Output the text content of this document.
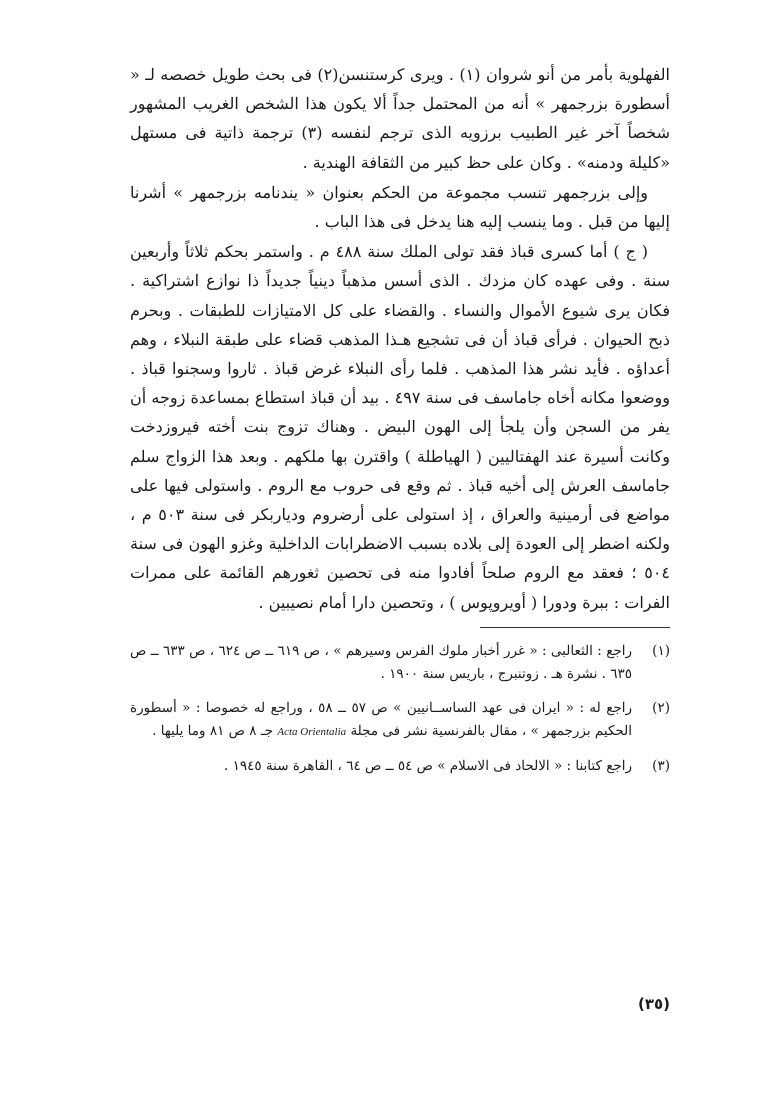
الفهلوية بأمر من أنو شروان (١) . ويرى كرستنسن(٢) فى بحث طويل خصصه لـ « أسطورة بزرجمهر » أنه من المحتمل جداً ألا يكون هذا الشخص الغريب المشهور شخصاً آخر غير الطبيب برزويه الذى ترجم لنفسه (٣) ترجمة ذاتية فى مستهل «كليلة ودمنه» . وكان على حظ كبير من الثقافة الهندية .

وإلى بزرجمهر تنسب مجموعة من الحكم بعنوان « يندنامه بزرجمهر » أشرنا إليها من قبل . وما ينسب إليه هنا يدخل فى هذا الباب .

( ج ) أما كسرى قباذ فقد تولى الملك سنة ٤٨٨ م . واستمر بحكم ثلاثاً وأربعين سنة . وفى عهده كان مزدك . الذى أسس مذهباً دينياً جديداً ذا نوازع اشتراكية . فكان يرى شيوع الأموال والنساء . والقضاء على كل الامتيازات للطبقات . وبحرم ذبح الحيوان . فرأى قباذ أن فى تشجيع هـذا المذهب قضاء على طبقة النبلاء ، وهم أعداؤه . فأيد نشر هذا المذهب . فلما رأى النبلاء غرض قباذ . ثاروا وسجنوا قباذ . ووضعوا مكانه أخاه جاماسف فى سنة ٤٩٧ . بيد أن قباذ استطاع بمساعدة زوجه أن يفر من السجن وأن يلجأ إلى الهون البيض . وهناك تزوج بنت أخته فيروزدخت وكانت أسيرة عند الهفتاليين ( الهياطلة ) واقترن بها ملكهم . وبعد هذا الزواج سلم جاماسف العرش إلى أخيه قباذ . ثم وقع فى حروب مع الروم . واستولى فيها على مواضع فى أرمينية والعراق ، إذ استولى على أرضروم ودياربكر فى سنة ٥٠٣ م ، ولكنه اضطر إلى العودة إلى بلاده بسبب الاضطرابات الداخلية وغزو الهون فى سنة ٥٠٤ ؛ فعقد مع الروم صلحاً أفادوا منه فى تحصين ثغورهم القائمة على ممرات الفرات : ببرة ودورا ( أويروپوس ) ، وتحصين دارا أمام نصيبين .

(١)
راجع : الثعالبى : « غرر أخبار ملوك الفرس وسيرهم » ، ص ٦١٩ ــ ص ٦٢٤ ، ص ٦٣٣ ــ ص ٦٣٥ . نشرة هـ . زوتنبرج ، باريس سنة ١٩٠٠ .
(٢)
راجع له : « ايران فى عهد الساســانيين » ص ٥٧ ــ ٥٨ ، وراجع له خصوصا : « أسطورة الحكيم بزرجمهر » ، مقال بالفرنسية نشر فى مجلة Acta Orientalia جـ ٨ ص ٨١ وما يليها .
(٣)
راجع كتابنا : « الالحاد فى الاسلام » ص ٥٤ ــ ص ٦٤ ، القاهرة سنة ١٩٤٥ .
(٣٥)
